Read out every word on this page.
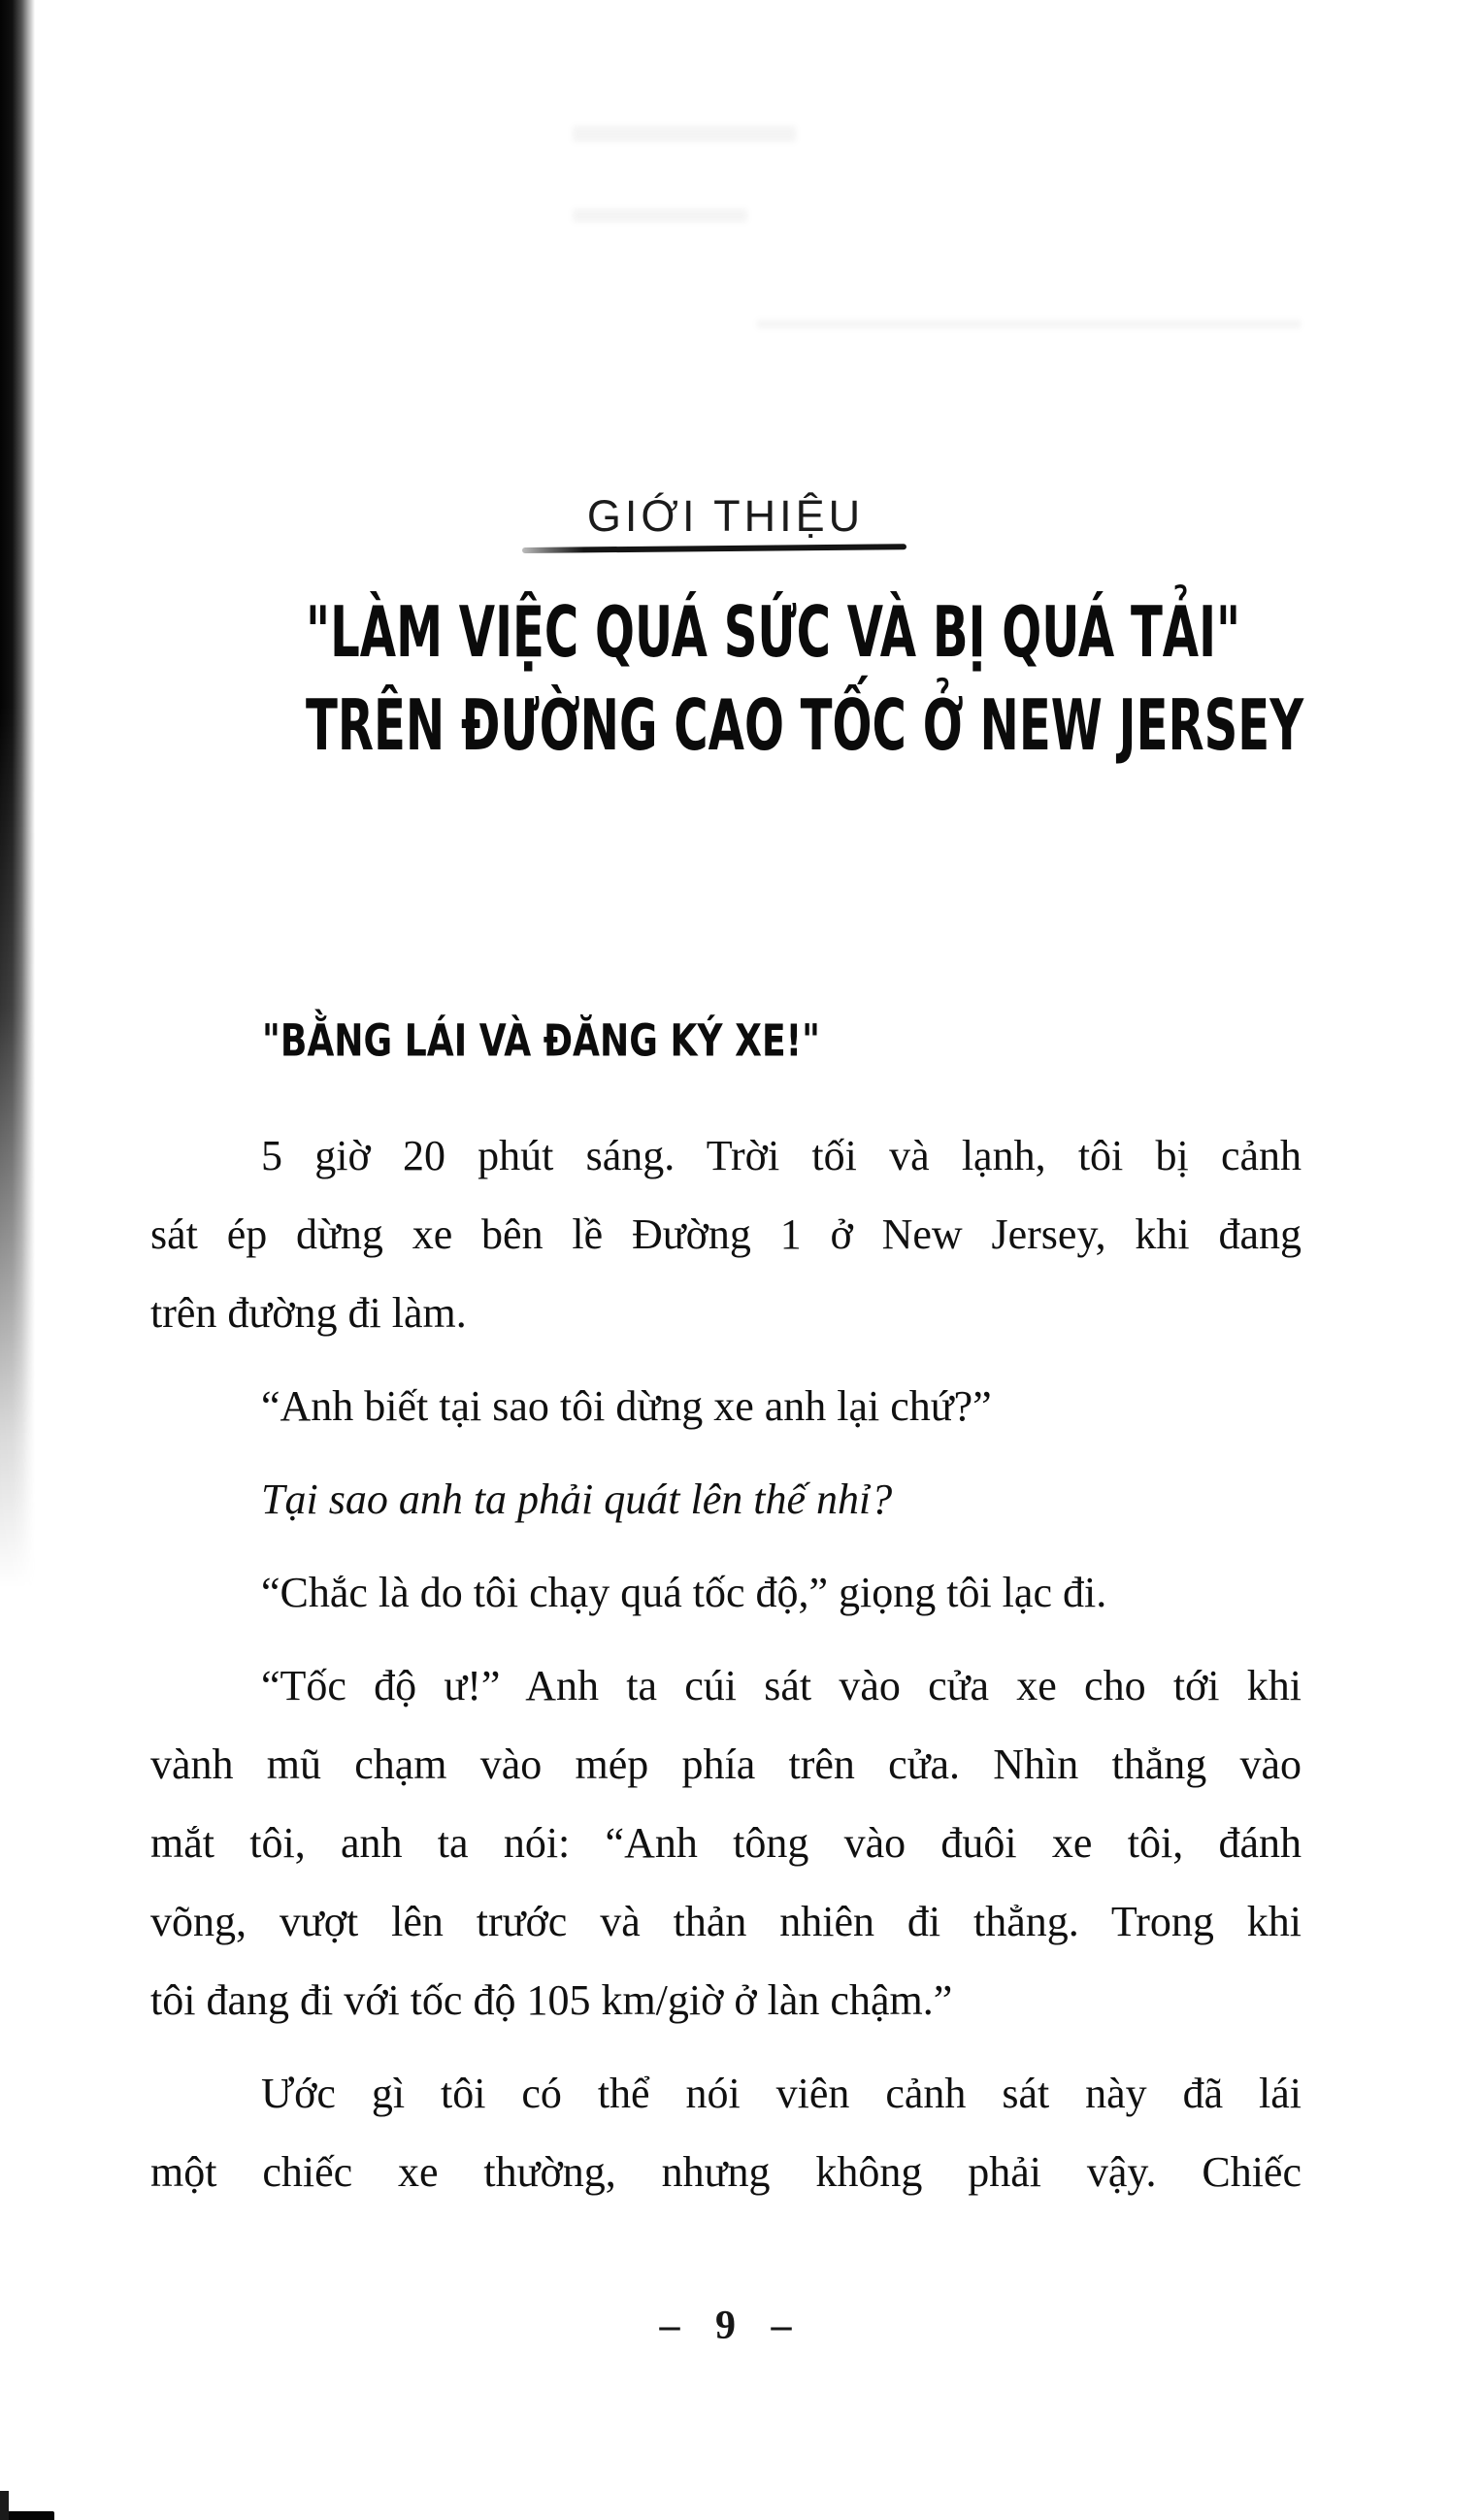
GIỚI THIỆU
"LÀM VIỆC QUÁ SỨC VÀ BỊ QUÁ TẢI"
TRÊN ĐƯỜNG CAO TỐC Ở NEW JERSEY
"BẰNG LÁI VÀ ĐĂNG KÝ XE!"
5 giờ 20 phút sáng. Trời tối và lạnh, tôi bị cảnh
sát ép dừng xe bên lề Đường 1 ở New Jersey, khi đang
trên đường đi làm.
“Anh biết tại sao tôi dừng xe anh lại chứ?”
Tại sao anh ta phải quát lên thế nhỉ?
“Chắc là do tôi chạy quá tốc độ,” giọng tôi lạc đi.
“Tốc độ ư!” Anh ta cúi sát vào cửa xe cho tới khi
vành mũ chạm vào mép phía trên cửa. Nhìn thẳng vào
mắt tôi, anh ta nói: “Anh tông vào đuôi xe tôi, đánh
võng, vượt lên trước và thản nhiên đi thẳng. Trong khi
tôi đang đi với tốc độ 105 km/giờ ở làn chậm.”
Ước gì tôi có thể nói viên cảnh sát này đã lái
một chiếc xe thường, nhưng không phải vậy. Chiếc
– 9 –
